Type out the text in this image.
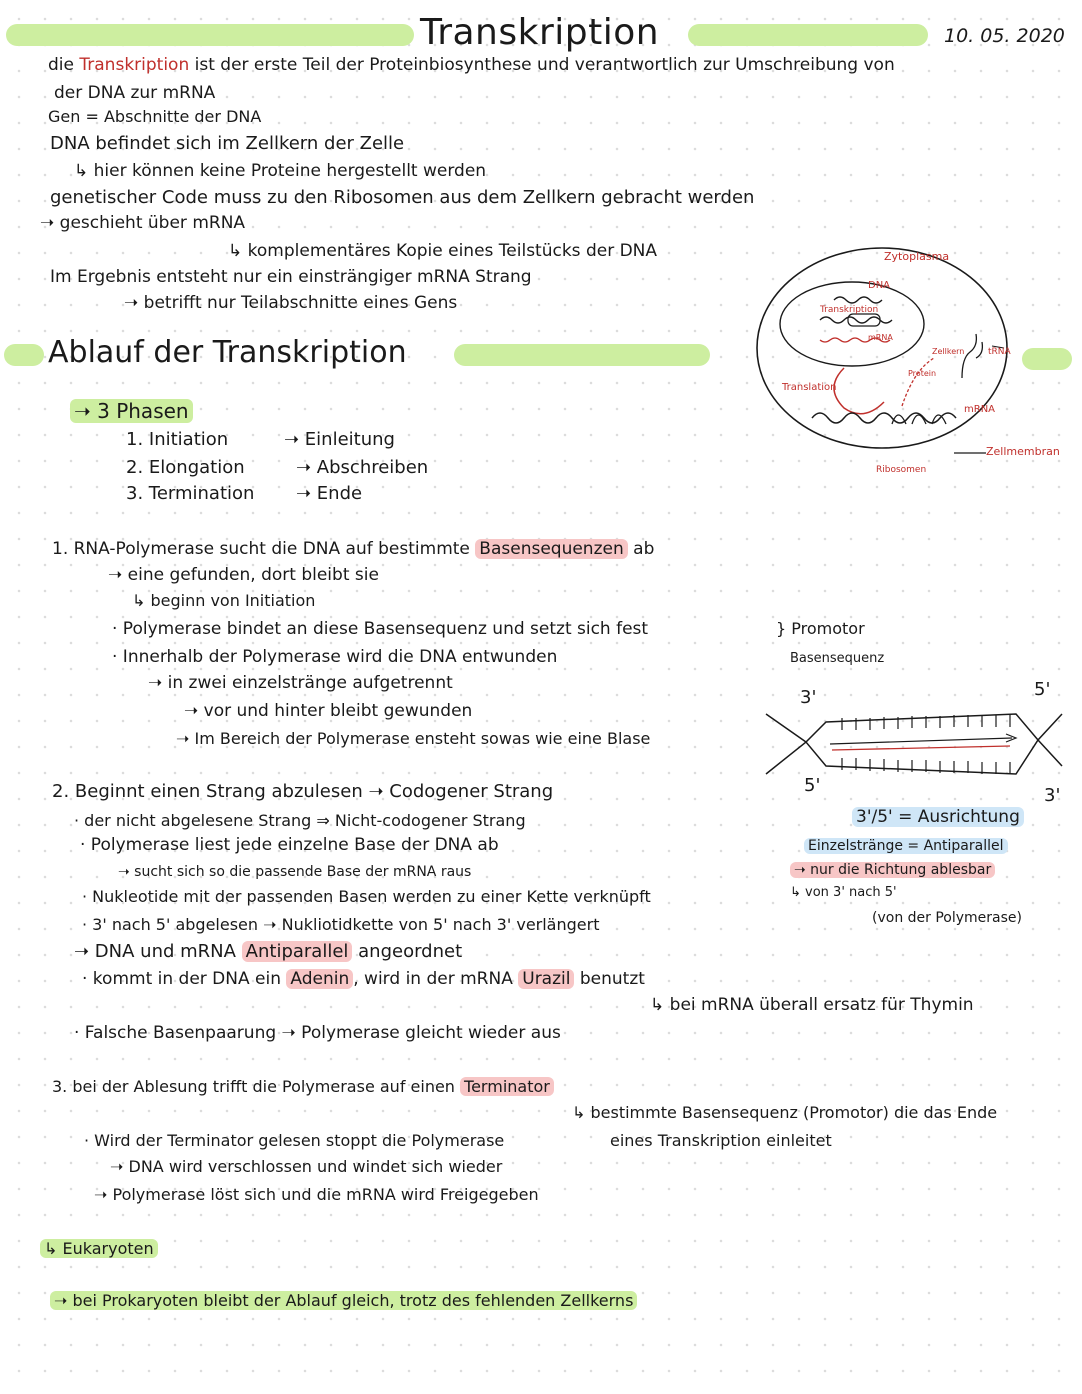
Transkription	10. 05. 2020
die Transkription ist der erste Teil der Proteinbiosynthese und verantwortlich zur Umschreibung von
der DNA zur mRNA
Gen = Abschnitte der DNA
DNA befindet sich im Zellkern der Zelle
↳ hier können keine Proteine hergestellt werden
genetischer Code muss zu den Ribosomen aus dem Zellkern gebracht werden
➝ geschieht über mRNA
↳ komplementäres Kopie eines Teilstücks der DNA
Im Ergebnis entsteht nur ein einsträngiger mRNA Strang
➝ betrifft nur Teilabschnitte eines Gens
Zytoplasma
DNA
Transkription
mRNA
Zellkern	tRNA
Protein
Translation
mRNA
Ribosomen
Zellmembran
Ablauf der Transkription
➝ 3 Phasen
1. Initiation	➝ Einleitung
2. Elongation	➝ Abschreiben
3. Termination ➝ Ende
1. RNA-Polymerase sucht die DNA auf bestimmte Basensequenzen ab
➝ eine gefunden, dort bleibt sie
↳ beginn von Initiation
· Polymerase bindet an diese Basensequenz und setzt sich fest	} Promotor
Basensequenz
· Innerhalb der Polymerase wird die DNA entwunden
➝ in zwei einzelstränge aufgetrennt
➝ vor und hinter bleibt gewunden
➝ Im Bereich der Polymerase ensteht sowas wie eine Blase
3'	5'
5'	3'
3'/5' = Ausrichtung
Einzelstränge = Antiparallel
➝ nur die Richtung ablesbar
↳ von 3' nach 5'
(von der Polymerase)
2. Beginnt einen Strang abzulesen ➝ Codogener Strang
· der nicht abgelesene Strang ⇒ Nicht-codogener Strang
· Polymerase liest jede einzelne Base der DNA ab
➝ sucht sich so die passende Base der mRNA raus
· Nukleotide mit der passenden Basen werden zu einer Kette verknüpft
· 3' nach 5' abgelesen ➝ Nukliotidkette von 5' nach 3' verlängert
➝ DNA und mRNA Antiparallel angeordnet
· kommt in der DNA ein Adenin , wird in der mRNA Urazil benutzt
↳ bei mRNA überall ersatz für Thymin
· Falsche Basenpaarung ➝ Polymerase gleicht wieder aus
3. bei der Ablesung trifft die Polymerase auf einen Terminator
↳ bestimmte Basensequenz (Promotor) die das Ende
eines Transkription einleitet
· Wird der Terminator gelesen stoppt die Polymerase
➝ DNA wird verschlossen und windet sich wieder
➝ Polymerase löst sich und die mRNA wird Freigegeben
↳ Eukaryoten
➝ bei Prokaryoten bleibt der Ablauf gleich, trotz des fehlenden Zellkerns
